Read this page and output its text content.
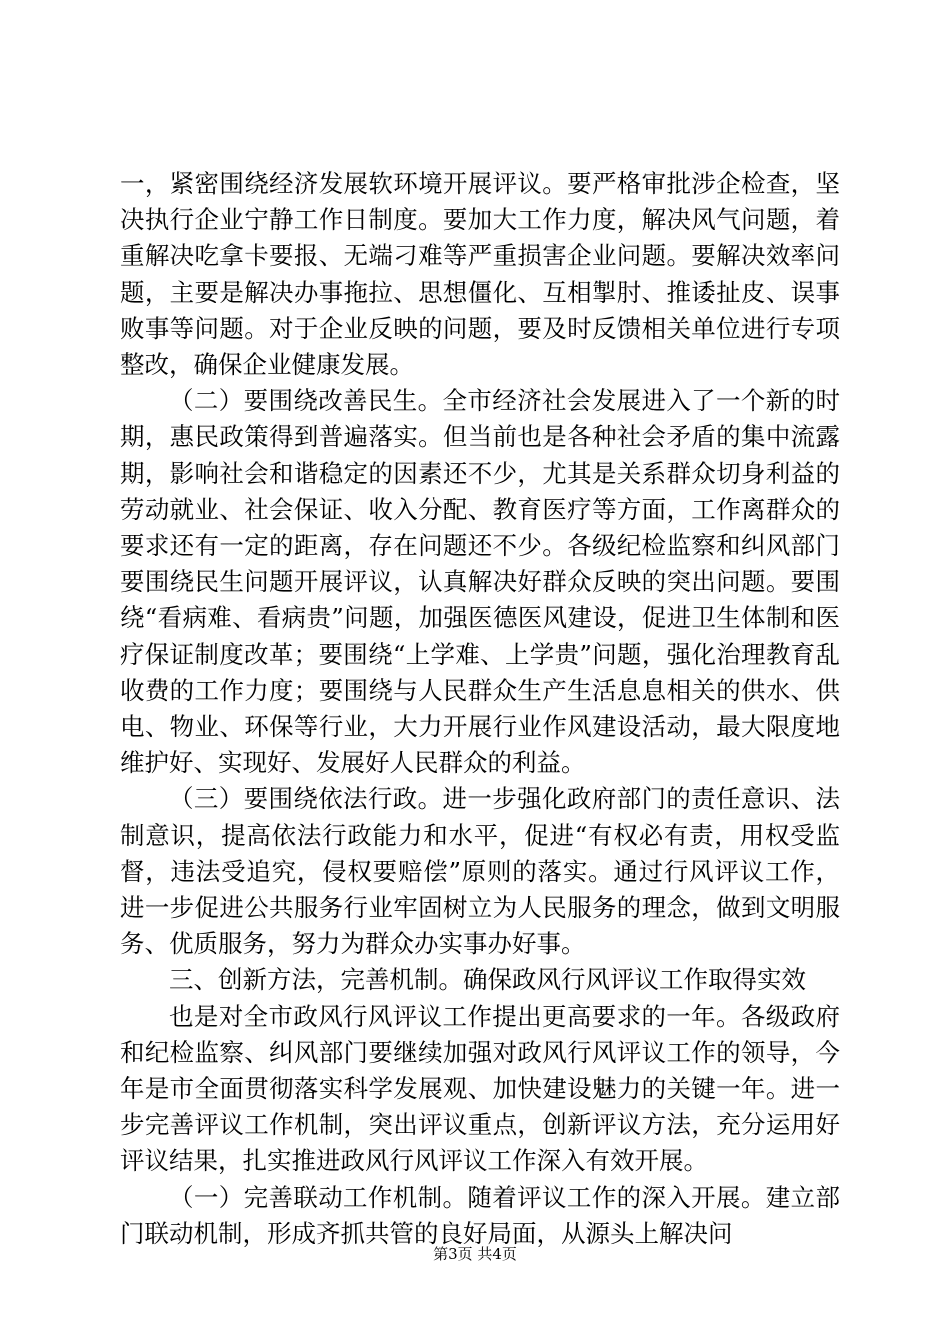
一，紧密围绕经济发展软环境开展评议。要严格审批涉企检查，坚决执行企业宁静工作日制度。要加大工作力度，解决风气问题，着重解决吃拿卡要报、无端刁难等严重损害企业问题。要解决效率问题，主要是解决办事拖拉、思想僵化、互相掣肘、推诿扯皮、误事败事等问题。对于企业反映的问题，要及时反馈相关单位进行专项整改，确保企业健康发展。

（二）要围绕改善民生。全市经济社会发展进入了一个新的时期，惠民政策得到普遍落实。但当前也是各种社会矛盾的集中流露期，影响社会和谐稳定的因素还不少，尤其是关系群众切身利益的劳动就业、社会保证、收入分配、教育医疗等方面，工作离群众的要求还有一定的距离，存在问题还不少。各级纪检监察和纠风部门要围绕民生问题开展评议，认真解决好群众反映的突出问题。要围绕“看病难、看病贵”问题，加强医德医风建设，促进卫生体制和医疗保证制度改革；要围绕“上学难、上学贵”问题，强化治理教育乱收费的工作力度；要围绕与人民群众生产生活息息相关的供水、供电、物业、环保等行业，大力开展行业作风建设活动，最大限度地维护好、实现好、发展好人民群众的利益。

（三）要围绕依法行政。进一步强化政府部门的责任意识、法制意识，提高依法行政能力和水平，促进“有权必有责，用权受监督，违法受追究，侵权要赔偿”原则的落实。通过行风评议工作，进一步促进公共服务行业牢固树立为人民服务的理念，做到文明服务、优质服务，努力为群众办实事办好事。

三、创新方法，完善机制。确保政风行风评议工作取得实效

也是对全市政风行风评议工作提出更高要求的一年。各级政府和纪检监察、纠风部门要继续加强对政风行风评议工作的领导，今年是市全面贯彻落实科学发展观、加快建设魅力的关键一年。进一步完善评议工作机制，突出评议重点，创新评议方法，充分运用好评议结果，扎实推进政风行风评议工作深入有效开展。

（一）完善联动工作机制。随着评议工作的深入开展。建立部门联动机制，形成齐抓共管的良好局面，从源头上解决问

第3页 共4页
